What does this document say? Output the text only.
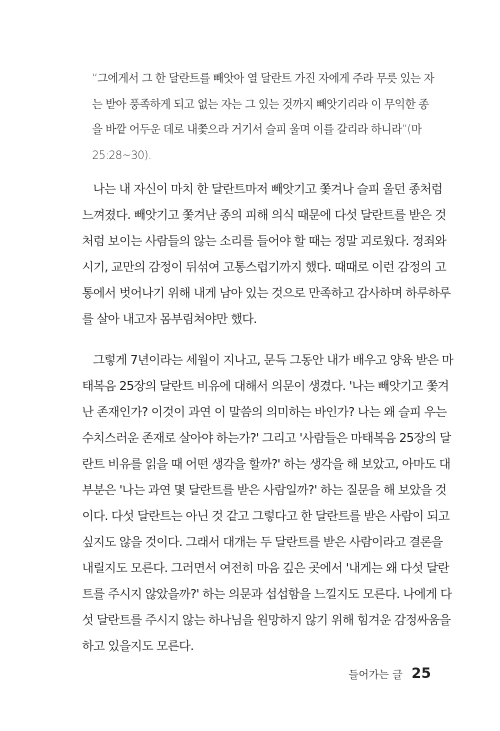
“그에게서 그 한 달란트를 빼앗아 열 달란트 가진 자에게 주라 무릇 있는 자
는 받아 풍족하게 되고 없는 자는 그 있는 것까지 빼앗기리라 이 무익한 종
을 바깥 어두운 데로 내쫓으라 거기서 슬피 울며 이를 갈리라 하니라”(마
25:28~30).
나는 내 자신이 마치 한 달란트마저 빼앗기고 쫓겨나 슬피 울던 종처럼
느껴졌다. 빼앗기고 쫓겨난 종의 피해 의식 때문에 다섯 달란트를 받은 것
처럼 보이는 사람들의 않는 소리를 들어야 할 때는 정말 괴로웠다. 정죄와
시기, 교만의 감정이 뒤섞여 고통스럽기까지 했다. 때때로 이런 감정의 고
통에서 벗어나기 위해 내게 남아 있는 것으로 만족하고 감사하며 하루하루
를 살아 내고자 몸부림쳐야만 했다.
그렇게 7년이라는 세월이 지나고, 문득 그동안 내가 배우고 양육 받은 마
태복음 25장의 달란트 비유에 대해서 의문이 생겼다. '나는 빼앗기고 쫓겨
난 존재인가? 이것이 과연 이 말씀의 의미하는 바인가? 나는 왜 슬피 우는
수치스러운 존재로 살아야 하는가?' 그리고 '사람들은 마태복음 25장의 달
란트 비유를 읽을 때 어떤 생각을 할까?' 하는 생각을 해 보았고, 아마도 대
부분은 '나는 과연 몇 달란트를 받은 사람일까?' 하는 질문을 해 보았을 것
이다. 다섯 달란트는 아닌 것 같고 그렇다고 한 달란트를 받은 사람이 되고
싶지도 않을 것이다. 그래서 대개는 두 달란트를 받은 사람이라고 결론을
내릴지도 모른다. 그러면서 여전히 마음 깊은 곳에서 '내게는 왜 다섯 달란
트를 주시지 않았을까?' 하는 의문과 섭섭함을 느낄지도 모른다. 나에게 다
섯 달란트를 주시지 않는 하나님을 원망하지 않기 위해 힘겨운 감정싸움을
하고 있을지도 모른다.
들어가는 글 25
